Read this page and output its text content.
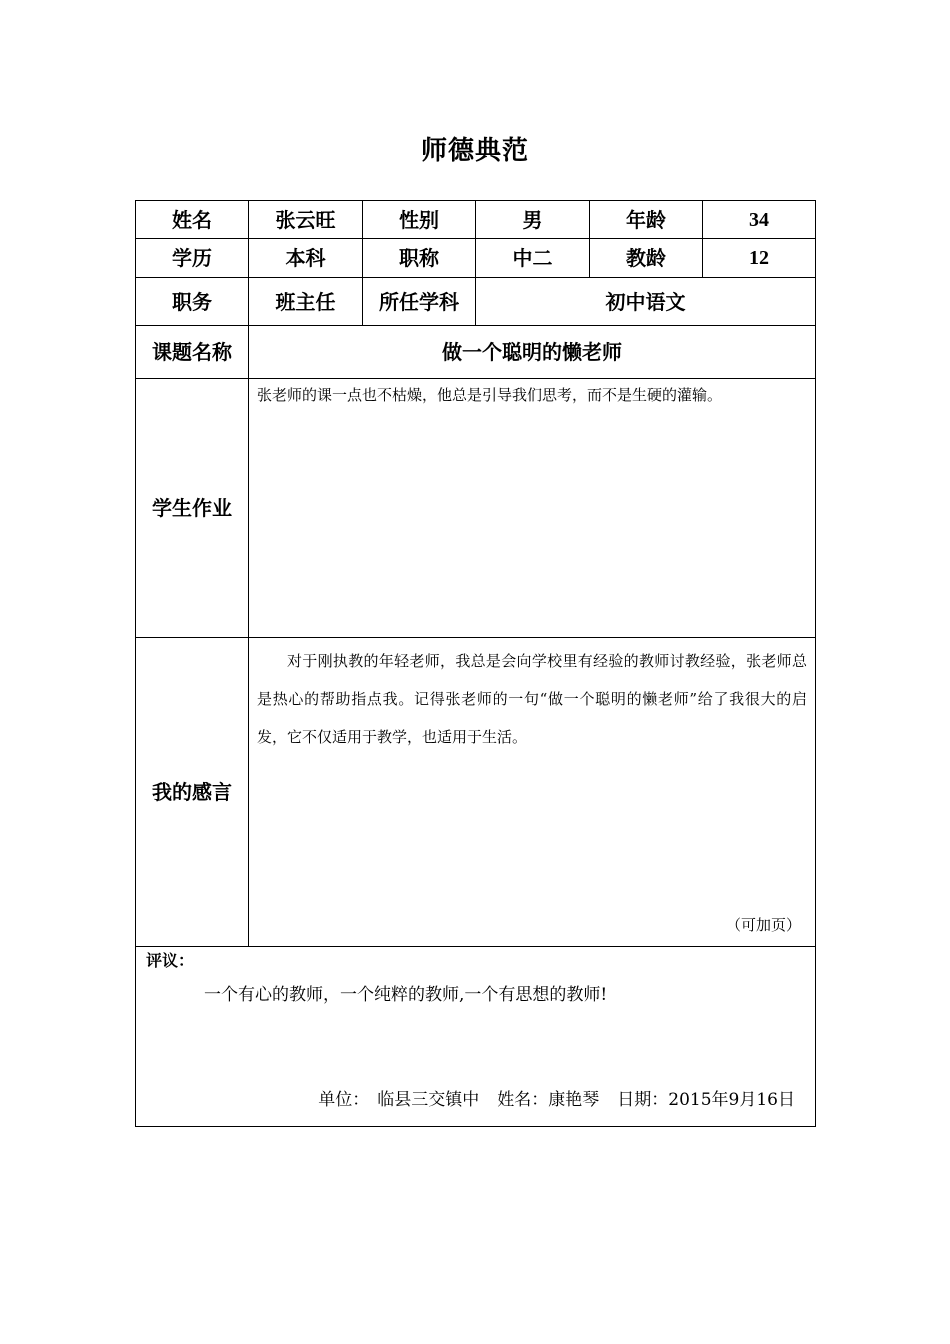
师德典范
姓名	张云旺	性别	男	年龄	34
学历	本科	职称	中二	教龄	12
职务	班主任	所任学科	初中语文		
课题名称	做一个聪明的懒老师				
学生作业	张老师的课一点也不枯燥，他总是引导我们思考，而不是生硬的灌输。				

我的感言	对于刚执教的年轻老师，我总是会向学校里有经验的教师讨教经验，张老师总是热心的帮助指点我。记得张老师的一句“做一个聪明的懒老师”给了我很大的启发，它不仅适用于教学，也适用于生活。
（可加页）				

评议：
一个有心的教师，一个纯粹的教师,一个有思想的教师!
单位： 临县三交镇中 姓名：康艳琴 日期：2015年9月16日					
